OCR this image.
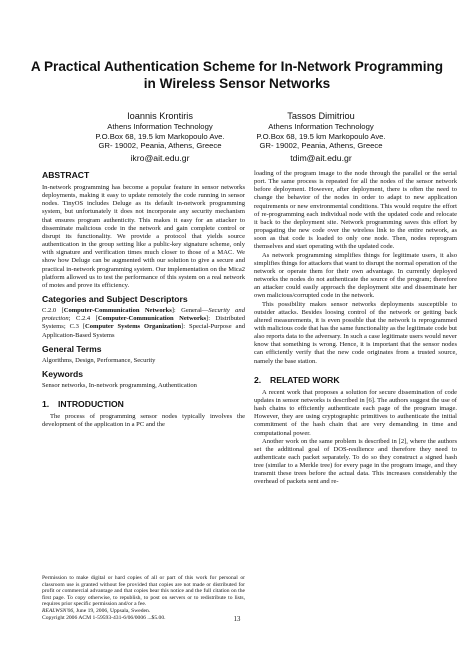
A Practical Authentication Scheme for In-Network Programming in Wireless Sensor Networks
Ioannis Krontiris
Athens Information Technology
P.O.Box 68, 19.5 km Markopoulo Ave.
GR- 19002, Peania, Athens, Greece
ikro@ait.edu.gr
Tassos Dimitriou
Athens Information Technology
P.O.Box 68, 19.5 km Markopoulo Ave.
GR- 19002, Peania, Athens, Greece
tdim@ait.edu.gr
ABSTRACT

In-network programming has become a popular feature in sensor networks deployments, making it easy to update remotely the code running in sensor nodes. TinyOS includes Deluge as its default in-network programming system, but unfortunately it does not incorporate any security mechanism that ensures program authenticity. This makes it easy for an attacker to disseminate malicious code in the network and gain complete control or disrupt its functionality. We provide a protocol that yields source authentication in the group setting like a public-key signature scheme, only with signature and verification times much closer to those of a MAC. We show how Deluge can be augmented with our solution to give a secure and practical in-network programming system. Our implementation on the Mica2 platform allowed us to test the performance of this system on a real network of motes and prove its efficiency.

Categories and Subject Descriptors

C.2.0 [Computer-Communication Networks]: General—Security and protection; C.2.4 [Computer-Communication Networks]: Distributed Systems; C.3 [Computer Systems Organization]: Special-Purpose and Application-Based Systems

General Terms

Algorithms, Design, Performance, Security

Keywords

Sensor networks, In-network programming, Authentication

1. INTRODUCTION

The process of programming sensor nodes typically involves the development of the application in a PC and the

Permission to make digital or hard copies of all or part of this work for personal or classroom use is granted without fee provided that copies are not made or distributed for profit or commercial advantage and that copies bear this notice and the full citation on the first page. To copy otherwise, to republish, to post on servers or to redistribute to lists, requires prior specific permission and/or a fee.
REALWSN'06, June 19, 2006, Uppsala, Sweden.
Copyright 2006 ACM 1-59593-431-6/06/0006 ...$5.00.

loading of the program image to the node through the parallel or the serial port. The same process is repeated for all the nodes of the sensor network before deployment. However, after deployment, there is often the need to change the behavior of the nodes in order to adapt to new application requirements or new environmental conditions. This would require the effort of re-programming each individual node with the updated code and relocate it back to the deployment site. Network programming saves this effort by propagating the new code over the wireless link to the entire network, as soon as that code is loaded to only one node. Then, nodes reprogram themselves and start operating with the updated code.

As network programming simplifies things for legitimate users, it also simplifies things for attackers that want to disrupt the normal operation of the network or operate them for their own advantage. In currently deployed networks the nodes do not authenticate the source of the program; therefore an attacker could easily approach the deployment site and disseminate her own malicious/corrupted code in the network.

This possibility makes sensor networks deployments susceptible to outsider attacks. Besides loosing control of the network or getting back altered measurements, it is even possible that the network is reprogrammed with malicious code that has the same functionality as the legitimate code but also reports data to the adversary. In such a case legitimate users would never know that something is wrong. Hence, it is important that the sensor nodes can efficiently verify that the new code originates from a trusted source, namely the base station.

2. RELATED WORK

A recent work that proposes a solution for secure dissemination of code updates in sensor networks is described in [6]. The authors suggest the use of hash chains to efficiently authenticate each page of the program image. However, they are using cryptographic primitives to authenticate the initial commitment of the hash chain that are very demanding in time and computational power.

Another work on the same problem is described in [2], where the authors set the additional goal of DOS-resilience and therefore they need to authenticate each packet separately. To do so they construct a signed hash tree (similar to a Merkle tree) for every page in the program image, and they transmit these trees before the actual data. This increases considerably the overhead of packets sent and re-

13
